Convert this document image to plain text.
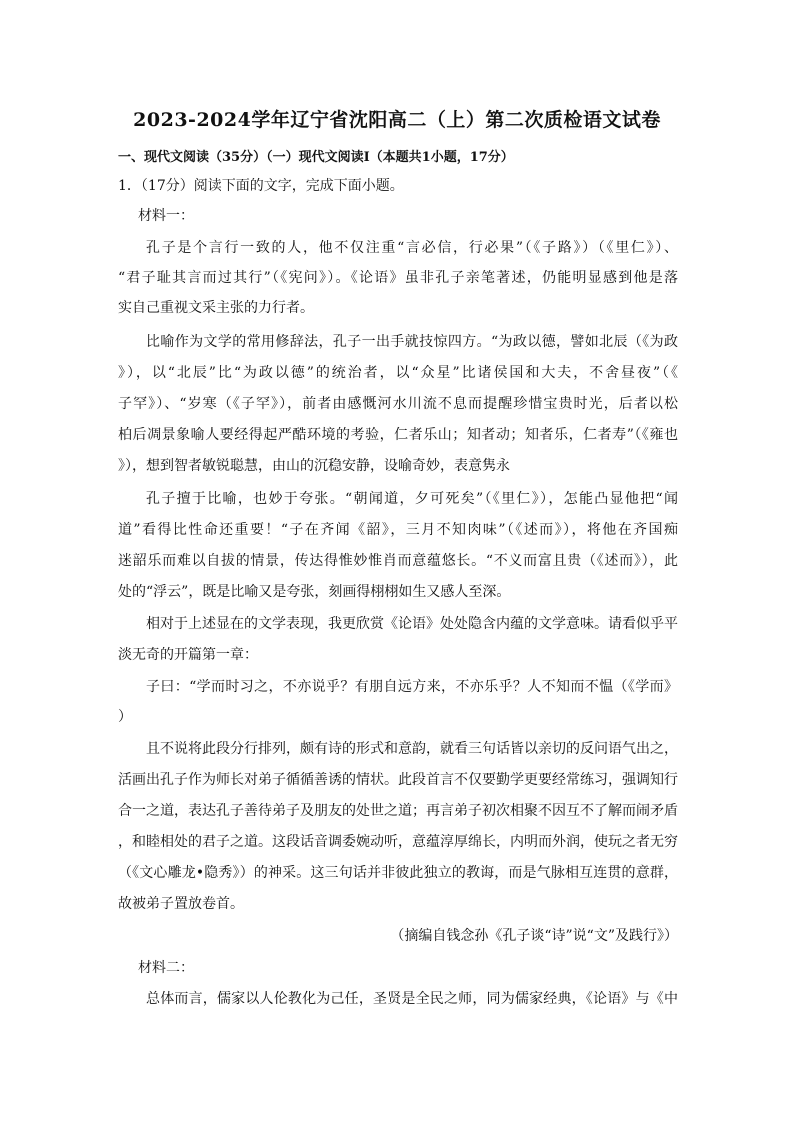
2023-2024学年辽宁省沈阳高二（上）第二次质检语文试卷
一、现代文阅读（35分）（一）现代文阅读Ⅰ（本题共1小题，17分）
1．（17分）阅读下面的文字，完成下面小题。
材料一：
孔子是个言行一致的人，他不仅注重“言必信，行必果”（《子路》）（《里仁》）、
“君子耻其言而过其行”（《宪问》）。《论语》虽非孔子亲笔著述，仍能明显感到他是落
实自己重视文采主张的力行者。
比喻作为文学的常用修辞法，孔子一出手就技惊四方。“为政以德，譬如北辰（《为政
》），以“北辰”比“为政以德”的统治者，以“众星”比诸侯国和大夫，不舍昼夜”（《
子罕》）、“岁寒（《子罕》），前者由感慨河水川流不息而提醒珍惜宝贵时光，后者以松
柏后凋景象喻人要经得起严酷环境的考验，仁者乐山；知者动；知者乐，仁者寿”（《雍也
》），想到智者敏锐聪慧，由山的沉稳安静，设喻奇妙，表意隽永
孔子擅于比喻，也妙于夸张。“朝闻道，夕可死矣”（《里仁》），怎能凸显他把“闻
道”看得比性命还重要！“子在齐闻《韶》，三月不知肉味”（《述而》），将他在齐国痴
迷韶乐而难以自拔的情景，传达得惟妙惟肖而意蕴悠长。“不义而富且贵（《述而》），此
处的“浮云”，既是比喻又是夸张，刻画得栩栩如生又感人至深。
相对于上述显在的文学表现，我更欣赏《论语》处处隐含内蕴的文学意味。请看似乎平
淡无奇的开篇第一章：
子曰：“学而时习之，不亦说乎？有朋自远方来，不亦乐乎？人不知而不愠（《学而》
）
且不说将此段分行排列，颇有诗的形式和意韵，就看三句话皆以亲切的反问语气出之，
活画出孔子作为师长对弟子循循善诱的情状。此段首言不仅要勤学更要经常练习，强调知行
合一之道，表达孔子善待弟子及朋友的处世之道；再言弟子初次相聚不因互不了解而闹矛盾
，和睦相处的君子之道。这段话音调委婉动听，意蕴淳厚绵长，内明而外润，使玩之者无穷
（《文心雕龙•隐秀》）的神采。这三句话并非彼此独立的教诲，而是气脉相互连贯的意群，
故被弟子置放卷首。
（摘编自钱念孙《孔子谈“诗”说“文”及践行》）
材料二：
总体而言，儒家以人伦教化为己任，圣贤是全民之师，同为儒家经典，《论语》与《中
